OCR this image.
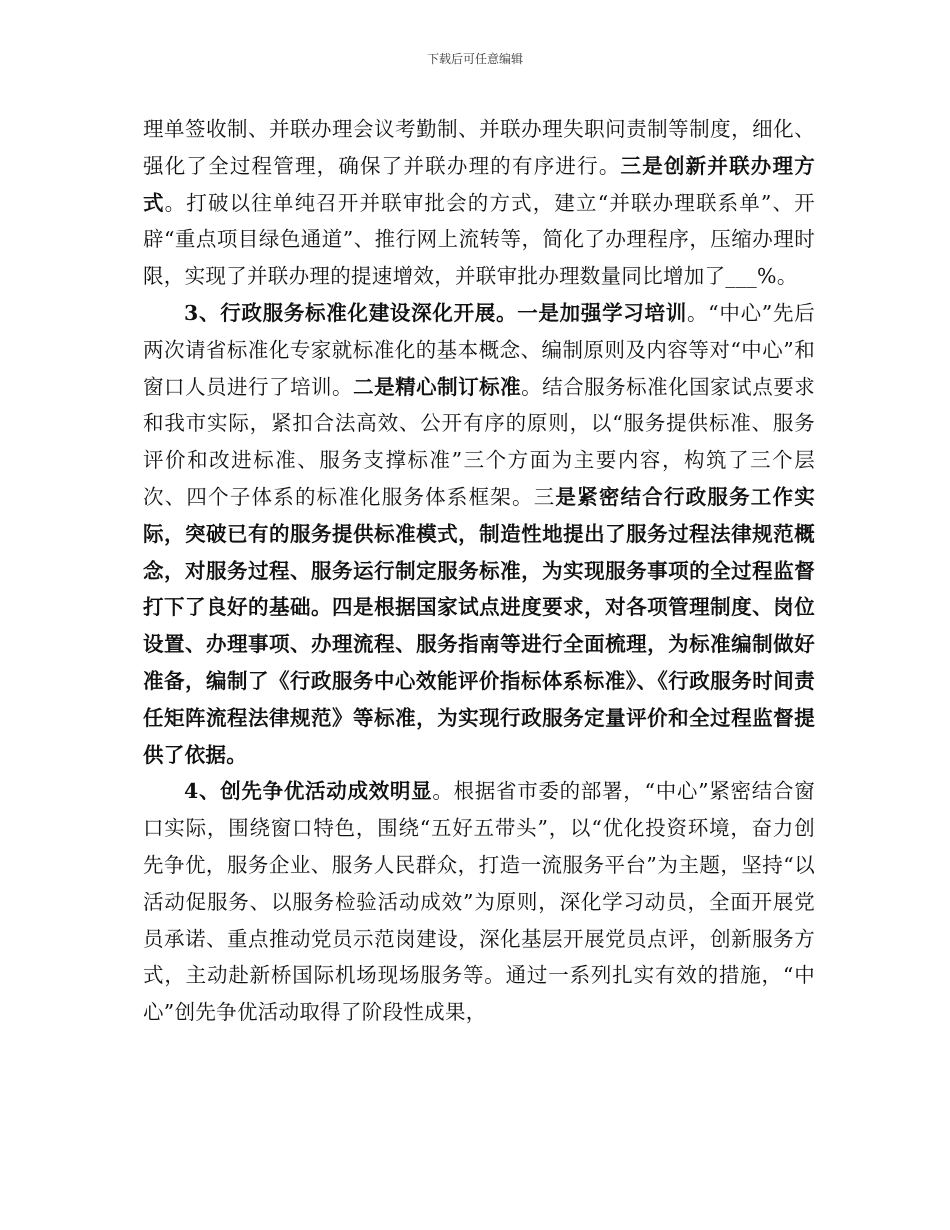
下载后可任意编辑

理单签收制、并联办理会议考勤制、并联办理失职问责制等制度，细化、强化了全过程管理，确保了并联办理的有序进行。三是创新并联办理方式。打破以往单纯召开并联审批会的方式，建立“并联办理联系单”、开辟“重点项目绿色通道”、推行网上流转等，简化了办理程序，压缩办理时限，实现了并联办理的提速增效，并联审批办理数量同比增加了___%。

3、行政服务标准化建设深化开展。一是加强学习培训。“中心”先后两次请省标准化专家就标准化的基本概念、编制原则及内容等对“中心”和窗口人员进行了培训。二是精心制订标准。结合服务标准化国家试点要求和我市实际，紧扣合法高效、公开有序的原则，以“服务提供标准、服务评价和改进标准、服务支撑标准”三个方面为主要内容，构筑了三个层次、四个子体系的标准化服务体系框架。三是紧密结合行政服务工作实际，突破已有的服务提供标准模式，制造性地提出了服务过程法律规范概念，对服务过程、服务运行制定服务标准，为实现服务事项的全过程监督打下了良好的基础。四是根据国家试点进度要求，对各项管理制度、岗位设置、办理事项、办理流程、服务指南等进行全面梳理，为标准编制做好准备，编制了《行政服务中心效能评价指标体系标准》、《行政服务时间责任矩阵流程法律规范》等标准，为实现行政服务定量评价和全过程监督提供了依据。

4、创先争优活动成效明显。根据省市委的部署，“中心”紧密结合窗口实际，围绕窗口特色，围绕“五好五带头”，以“优化投资环境，奋力创先争优，服务企业、服务人民群众，打造一流服务平台”为主题，坚持“以活动促服务、以服务检验活动成效”为原则，深化学习动员，全面开展党员承诺、重点推动党员示范岗建设，深化基层开展党员点评，创新服务方式，主动赴新桥国际机场现场服务等。通过一系列扎实有效的措施，“中心”创先争优活动取得了阶段性成果，
